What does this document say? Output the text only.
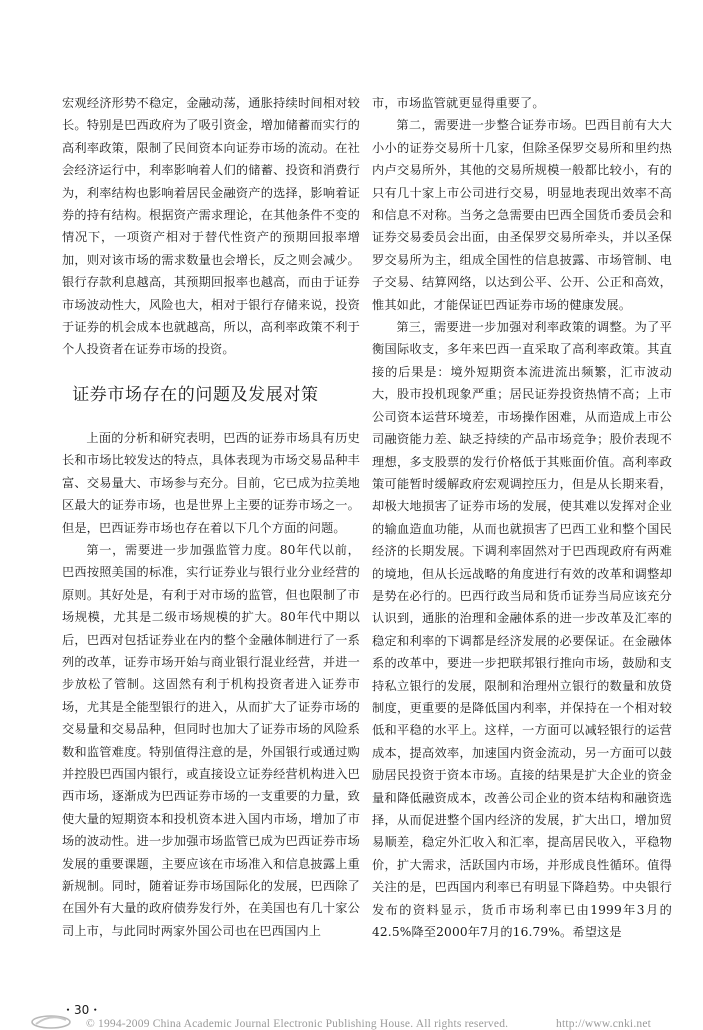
宏观经济形势不稳定，金融动荡，通胀持续时间相对较长。特别是巴西政府为了吸引资金，增加储蓄而实行的高利率政策，限制了民间资本向证券市场的流动。在社会经济运行中，利率影响着人们的储蓄、投资和消费行为，利率结构也影响着居民金融资产的选择，影响着证券的持有结构。根据资产需求理论，在其他条件不变的情况下，一项资产相对于替代性资产的预期回报率增加，则对该市场的需求数量也会增长，反之则会减少。银行存款利息越高，其预期回报率也越高，而由于证券市场波动性大，风险也大，相对于银行存储来说，投资于证券的机会成本也就越高，所以，高利率政策不利于个人投资者在证券市场的投资。

证券市场存在的问题及发展对策

上面的分析和研究表明，巴西的证券市场具有历史长和市场比较发达的特点，具体表现为市场交易品种丰富、交易量大、市场参与充分。目前，它已成为拉美地区最大的证券市场，也是世界上主要的证券市场之一。但是，巴西证券市场也存在着以下几个方面的问题。

第一，需要进一步加强监管力度。80年代以前，巴西按照美国的标准，实行证券业与银行业分业经营的原则。其好处是，有利于对市场的监管，但也限制了市场规模，尤其是二级市场规模的扩大。80年代中期以后，巴西对包括证券业在内的整个金融体制进行了一系列的改革，证券市场开始与商业银行混业经营，并进一步放松了管制。这固然有利于机构投资者进入证券市场，尤其是全能型银行的进入，从而扩大了证券市场的交易量和交易品种，但同时也加大了证券市场的风险系数和监管难度。特别值得注意的是，外国银行或通过购并控股巴西国内银行，或直接设立证券经营机构进入巴西市场，逐渐成为巴西证券市场的一支重要的力量，致使大量的短期资本和投机资本进入国内市场，增加了市场的波动性。进一步加强市场监管已成为巴西证券市场发展的重要课题，主要应该在市场准入和信息披露上重新规制。同时，随着证券市场国际化的发展，巴西除了在国外有大量的政府债券发行外，在美国也有几十家公司上市，与此同时两家外国公司也在巴西国内上

市，市场监管就更显得重要了。

第二，需要进一步整合证券市场。巴西目前有大大小小的证券交易所十几家，但除圣保罗交易所和里约热内卢交易所外，其他的交易所规模一般都比较小，有的只有几十家上市公司进行交易，明显地表现出效率不高和信息不对称。当务之急需要由巴西全国货币委员会和证券交易委员会出面，由圣保罗交易所牵头，并以圣保罗交易所为主，组成全国性的信息披露、市场管制、电子交易、结算网络，以达到公平、公开、公正和高效，惟其如此，才能保证巴西证券市场的健康发展。

第三，需要进一步加强对利率政策的调整。为了平衡国际收支，多年来巴西一直采取了高利率政策。其直接的后果是：境外短期资本流进流出频繁，汇市波动大，股市投机现象严重；居民证券投资热情不高；上市公司资本运营环境差，市场操作困难，从而造成上市公司融资能力差、缺乏持续的产品市场竞争；股价表现不理想，多支股票的发行价格低于其账面价值。高利率政策可能暂时缓解政府宏观调控压力，但是从长期来看，却极大地损害了证券市场的发展，使其难以发挥对企业的输血造血功能，从而也就损害了巴西工业和整个国民经济的长期发展。下调利率固然对于巴西现政府有两难的境地，但从长远战略的角度进行有效的改革和调整却是势在必行的。巴西行政当局和货币证券当局应该充分认识到，通胀的治理和金融体系的进一步改革及汇率的稳定和利率的下调都是经济发展的必要保证。在金融体系的改革中，要进一步把联邦银行推向市场，鼓励和支持私立银行的发展，限制和治理州立银行的数量和放贷制度，更重要的是降低国内利率，并保持在一个相对较低和平稳的水平上。这样，一方面可以减轻银行的运营成本，提高效率，加速国内资金流动，另一方面可以鼓励居民投资于资本市场。直接的结果是扩大企业的资金量和降低融资成本，改善公司企业的资本结构和融资选择，从而促进整个国内经济的发展，扩大出口，增加贸易顺差，稳定外汇收入和汇率，提高居民收入，平稳物价，扩大需求，活跃国内市场，并形成良性循环。值得关注的是，巴西国内利率已有明显下降趋势。中央银行发布的资料显示，货币市场利率已由1999年3月的42.5%降至2000年7月的16.79%。希望这是

・30・
© 1994-2009 China Academic Journal Electronic Publishing House. All rights reserved.	http://www.cnki.net
